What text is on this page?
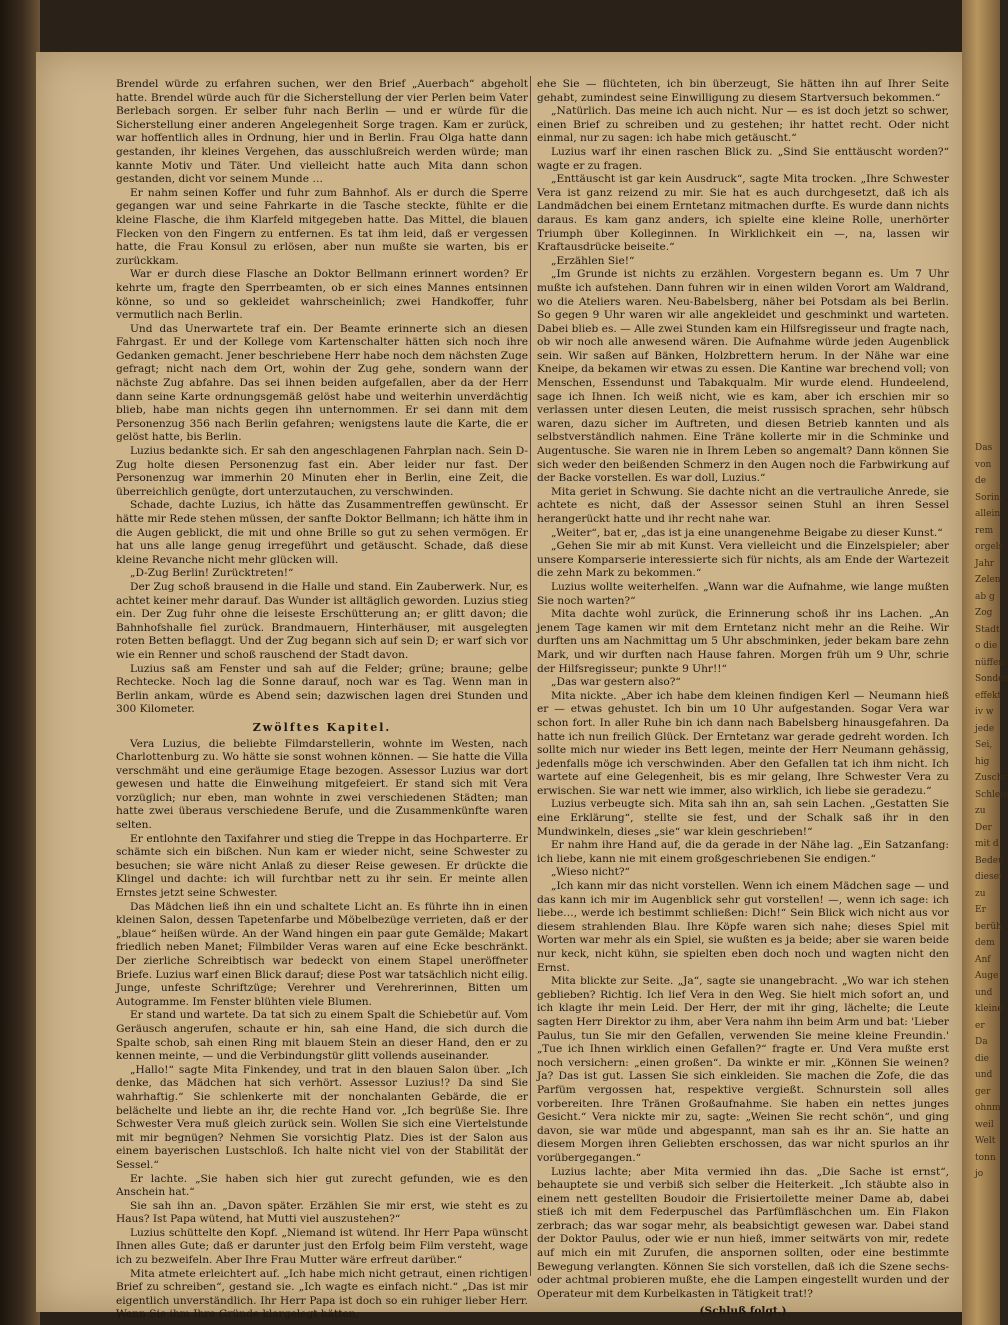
Das
von de
Sorin,
allein
rem
orgels
Jahr
Zelen
ab g
Zog
Stadt
o die
nüffen
Sonder
effekt
iv w
jede
Sei,
hig
Zuschr
Schleie
zu
Der
mit d
Bedeu
dieser
zu
Er
berüh
dem
Anf
Auge
und
kleine
er
Da
die
und
ger
ohnm
weil
Welt
tonn
jo

Brendel würde zu erfahren suchen, wer den Brief „Auerbach“ abgeholt hatte. Brendel würde auch für die Sicherstellung der vier Perlen beim Vater Berlebach sorgen. Er selber fuhr nach Berlin — und er würde für die Sicherstellung einer anderen Angelegenheit Sorge tragen. Kam er zurück, war hoffentlich alles in Ordnung, hier und in Berlin. Frau Olga hatte dann gestanden, ihr kleines Vergehen, das ausschlußreich werden würde; man kannte Motiv und Täter. Und vielleicht hatte auch Mita dann schon gestanden, dicht vor seinem Munde …

Er nahm seinen Koffer und fuhr zum Bahnhof. Als er durch die Sperre gegangen war und seine Fahrkarte in die Tasche steckte, fühlte er die kleine Flasche, die ihm Klarfeld mitgegeben hatte. Das Mittel, die blauen Flecken von den Fingern zu entfernen. Es tat ihm leid, daß er vergessen hatte, die Frau Konsul zu erlösen, aber nun mußte sie warten, bis er zurückkam.

War er durch diese Flasche an Doktor Bellmann erinnert worden? Er kehrte um, fragte den Sperrbeamten, ob er sich eines Mannes entsinnen könne, so und so gekleidet wahrscheinlich; zwei Handkoffer, fuhr vermutlich nach Berlin.

Und das Unerwartete traf ein. Der Beamte erinnerte sich an diesen Fahrgast. Er und der Kollege vom Kartenschalter hätten sich noch ihre Gedanken gemacht. Jener beschriebene Herr habe noch dem nächsten Zuge gefragt; nicht nach dem Ort, wohin der Zug gehe, sondern wann der nächste Zug abfahre. Das sei ihnen beiden aufgefallen, aber da der Herr dann seine Karte ordnungsgemäß gelöst habe und weiterhin unverdächtig blieb, habe man nichts gegen ihn unternommen. Er sei dann mit dem Personenzug 356 nach Berlin gefahren; wenigstens laute die Karte, die er gelöst hatte, bis Berlin.

Luzius bedankte sich. Er sah den angeschlagenen Fahrplan nach. Sein D-Zug holte diesen Personenzug fast ein. Aber leider nur fast. Der Personenzug war immerhin 20 Minuten eher in Berlin, eine Zeit, die überreichlich genügte, dort unterzutauchen, zu verschwinden.

Schade, dachte Luzius, ich hätte das Zusammentreffen gewünscht. Er hätte mir Rede stehen müssen, der sanfte Doktor Bellmann; ich hätte ihm in die Augen geblickt, die mit und ohne Brille so gut zu sehen vermögen. Er hat uns alle lange genug irregeführt und getäuscht. Schade, daß diese kleine Revanche nicht mehr glücken will.

„D-Zug Berlin! Zurücktreten!“

Der Zug schoß brausend in die Halle und stand. Ein Zauberwerk. Nur, es achtet keiner mehr darauf. Das Wunder ist alltäglich geworden. Luzius stieg ein. Der Zug fuhr ohne die leiseste Erschütterung an; er glitt davon; die Bahnhofshalle fiel zurück. Brandmauern, Hinterhäuser, mit ausgelegten roten Betten beflaggt. Und der Zug begann sich auf sein D; er warf sich vor wie ein Renner und schoß rauschend der Stadt davon.

Luzius saß am Fenster und sah auf die Felder; grüne; braune; gelbe Rechtecke. Noch lag die Sonne darauf, noch war es Tag. Wenn man in Berlin ankam, würde es Abend sein; dazwischen lagen drei Stunden und 300 Kilometer.

Zwölftes Kapitel.

Vera Luzius, die beliebte Filmdarstellerin, wohnte im Westen, nach Charlottenburg zu. Wo hätte sie sonst wohnen können. — Sie hatte die Villa verschmäht und eine geräumige Etage bezogen. Assessor Luzius war dort gewesen und hatte die Einweihung mitgefeiert. Er stand sich mit Vera vorzüglich; nur eben, man wohnte in zwei verschiedenen Städten; man hatte zwei überaus verschiedene Berufe, und die Zusammenkünfte waren selten.

Er entlohnte den Taxifahrer und stieg die Treppe in das Hochparterre. Er schämte sich ein bißchen. Nun kam er wieder nicht, seine Schwester zu besuchen; sie wäre nicht Anlaß zu dieser Reise gewesen. Er drückte die Klingel und dachte: ich will furchtbar nett zu ihr sein. Er meinte allen Ernstes jetzt seine Schwester.

Das Mädchen ließ ihn ein und schaltete Licht an. Es führte ihn in einen kleinen Salon, dessen Tapetenfarbe und Möbelbezüge verrieten, daß er der „blaue“ heißen würde. An der Wand hingen ein paar gute Gemälde; Makart friedlich neben Manet; Filmbilder Veras waren auf eine Ecke beschränkt. Der zierliche Schreibtisch war bedeckt von einem Stapel uneröffneter Briefe. Luzius warf einen Blick darauf; diese Post war tatsächlich nicht eilig. Junge, unfeste Schriftzüge; Verehrer und Verehrerinnen, Bitten um Autogramme. Im Fenster blühten viele Blumen.

Er stand und wartete. Da tat sich zu einem Spalt die Schiebetür auf. Vom Geräusch angerufen, schaute er hin, sah eine Hand, die sich durch die Spalte schob, sah einen Ring mit blauem Stein an dieser Hand, den er zu kennen meinte, — und die Verbindungstür glitt vollends auseinander.

„Hallo!“ sagte Mita Finkendey, und trat in den blauen Salon über. „Ich denke, das Mädchen hat sich verhört. Assessor Luzius!? Da sind Sie wahrhaftig.“ Sie schlenkerte mit der nonchalanten Gebärde, die er belächelte und liebte an ihr, die rechte Hand vor. „Ich begrüße Sie. Ihre Schwester Vera muß gleich zurück sein. Wollen Sie sich eine Viertelstunde mit mir begnügen? Nehmen Sie vorsichtig Platz. Dies ist der Salon aus einem bayerischen Lustschloß. Ich halte nicht viel von der Stabilität der Sessel.“

Er lachte. „Sie haben sich hier gut zurecht gefunden, wie es den Anschein hat.“

Sie sah ihn an. „Davon später. Erzählen Sie mir erst, wie steht es zu Haus? Ist Papa wütend, hat Mutti viel auszustehen?“

Luzius schüttelte den Kopf. „Niemand ist wütend. Ihr Herr Papa wünscht Ihnen alles Gute; daß er darunter just den Erfolg beim Film versteht, wage ich zu bezweifeln. Aber Ihre Frau Mutter wäre erfreut darüber.“

Mita atmete erleichtert auf. „Ich habe mich nicht getraut, einen richtigen Brief zu schreiben“, gestand sie. „Ich wagte es einfach nicht.“ „Das ist mir eigentlich unverständlich. Ihr Herr Papa ist doch so ein ruhiger lieber Herr. Wenn Sie ihm Ihre Gründe klargelegt hätten,

ehe Sie — flüchteten, ich bin überzeugt, Sie hätten ihn auf Ihrer Seite gehabt, zumindest seine Einwilligung zu diesem Startversuch bekommen.“

„Natürlich. Das meine ich auch nicht. Nur — es ist doch jetzt so schwer, einen Brief zu schreiben und zu gestehen; ihr hattet recht. Oder nicht einmal, nur zu sagen: ich habe mich getäuscht.“

Luzius warf ihr einen raschen Blick zu. „Sind Sie enttäuscht worden?“ wagte er zu fragen.

„Enttäuscht ist gar kein Ausdruck“, sagte Mita trocken. „Ihre Schwester Vera ist ganz reizend zu mir. Sie hat es auch durchgesetzt, daß ich als Landmädchen bei einem Erntetanz mitmachen durfte. Es wurde dann nichts daraus. Es kam ganz anders, ich spielte eine kleine Rolle, unerhörter Triumph über Kolleginnen. In Wirklichkeit ein —, na, lassen wir Kraftausdrücke beiseite.“

„Erzählen Sie!“

„Im Grunde ist nichts zu erzählen. Vorgestern begann es. Um 7 Uhr mußte ich aufstehen. Dann fuhren wir in einen wilden Vorort am Waldrand, wo die Ateliers waren. Neu-Babelsberg, näher bei Potsdam als bei Berlin. So gegen 9 Uhr waren wir alle angekleidet und geschminkt und warteten. Dabei blieb es. — Alle zwei Stunden kam ein Hilfsregisseur und fragte nach, ob wir noch alle anwesend wären. Die Aufnahme würde jeden Augenblick sein. Wir saßen auf Bänken, Holzbrettern herum. In der Nähe war eine Kneipe, da bekamen wir etwas zu essen. Die Kantine war brechend voll; von Menschen, Essendunst und Tabakqualm. Mir wurde elend. Hundeelend, sage ich Ihnen. Ich weiß nicht, wie es kam, aber ich erschien mir so verlassen unter diesen Leuten, die meist russisch sprachen, sehr hübsch waren, dazu sicher im Auftreten, und diesen Betrieb kannten und als selbstverständlich nahmen. Eine Träne kollerte mir in die Schminke und Augentusche. Sie waren nie in Ihrem Leben so angemalt? Dann können Sie sich weder den beißenden Schmerz in den Augen noch die Farbwirkung auf der Backe vorstellen. Es war doll, Luzius.“

Mita geriet in Schwung. Sie dachte nicht an die vertrauliche Anrede, sie achtete es nicht, daß der Assessor seinen Stuhl an ihren Sessel herangerückt hatte und ihr recht nahe war.

„Weiter“, bat er, „das ist ja eine unangenehme Beigabe zu dieser Kunst.“

„Gehen Sie mir ab mit Kunst. Vera vielleicht und die Einzelspieler; aber unsere Komparserie interessierte sich für nichts, als am Ende der Wartezeit die zehn Mark zu bekommen.“

Luzius wollte weiterhelfen. „Wann war die Aufnahme, wie lange mußten Sie noch warten?“

Mita dachte wohl zurück, die Erinnerung schoß ihr ins Lachen. „An jenem Tage kamen wir mit dem Erntetanz nicht mehr an die Reihe. Wir durften uns am Nachmittag um 5 Uhr abschminken, jeder bekam bare zehn Mark, und wir durften nach Hause fahren. Morgen früh um 9 Uhr, schrie der Hilfsregisseur; punkte 9 Uhr!!“

„Das war gestern also?“

Mita nickte. „Aber ich habe dem kleinen findigen Kerl — Neumann hieß er — etwas gehustet. Ich bin um 10 Uhr aufgestanden. Sogar Vera war schon fort. In aller Ruhe bin ich dann nach Babelsberg hinausgefahren. Da hatte ich nun freilich Glück. Der Erntetanz war gerade gedreht worden. Ich sollte mich nur wieder ins Bett legen, meinte der Herr Neumann gehässig, jedenfalls möge ich verschwinden. Aber den Gefallen tat ich ihm nicht. Ich wartete auf eine Gelegenheit, bis es mir gelang, Ihre Schwester Vera zu erwischen. Sie war nett wie immer, also wirklich, ich liebe sie geradezu.“

Luzius verbeugte sich. Mita sah ihn an, sah sein Lachen. „Gestatten Sie eine Erklärung“, stellte sie fest, und der Schalk saß ihr in den Mundwinkeln, dieses „sie“ war klein geschrieben!“

Er nahm ihre Hand auf, die da gerade in der Nähe lag. „Ein Satzanfang: ich liebe, kann nie mit einem großgeschriebenen Sie endigen.“

„Wieso nicht?“

„Ich kann mir das nicht vorstellen. Wenn ich einem Mädchen sage — und das kann ich mir im Augenblick sehr gut vorstellen! —, wenn ich sage: ich liebe…, werde ich bestimmt schließen: Dich!“ Sein Blick wich nicht aus vor diesem strahlenden Blau. Ihre Köpfe waren sich nahe; dieses Spiel mit Worten war mehr als ein Spiel, sie wußten es ja beide; aber sie waren beide nur keck, nicht kühn, sie spielten eben doch noch und wagten nicht den Ernst.

Mita blickte zur Seite. „Ja“, sagte sie unangebracht. „Wo war ich stehen geblieben? Richtig. Ich lief Vera in den Weg. Sie hielt mich sofort an, und ich klagte ihr mein Leid. Der Herr, der mit ihr ging, lächelte; die Leute sagten Herr Direktor zu ihm, aber Vera nahm ihn beim Arm und bat: 'Lieber Paulus, tun Sie mir den Gefallen, verwenden Sie meine kleine Freundin.' „Tue ich Ihnen wirklich einen Gefallen?“ fragte er. Und Vera mußte erst noch versichern: „einen großen“. Da winkte er mir. „Können Sie weinen? Ja? Das ist gut. Lassen Sie sich einkleiden. Sie machen die Zofe, die das Parfüm vergossen hat, respektive vergießt. Schnurstein soll alles vorbereiten. Ihre Tränen Großaufnahme. Sie haben ein nettes junges Gesicht.“ Vera nickte mir zu, sagte: „Weinen Sie recht schön“, und ging davon, sie war müde und abgespannt, man sah es ihr an. Sie hatte an diesem Morgen ihren Geliebten erschossen, das war nicht spurlos an ihr vorübergegangen.“

Luzius lachte; aber Mita vermied ihn das. „Die Sache ist ernst“, behauptete sie und verbiß sich selber die Heiterkeit. „Ich stäubte also in einem nett gestellten Boudoir die Frisiertoilette meiner Dame ab, dabei stieß ich mit dem Federpuschel das Parfümfläschchen um. Ein Flakon zerbrach; das war sogar mehr, als beabsichtigt gewesen war. Dabei stand der Doktor Paulus, oder wie er nun hieß, immer seitwärts von mir, redete auf mich ein mit Zurufen, die anspornen sollten, oder eine bestimmte Bewegung verlangten. Können Sie sich vorstellen, daß ich die Szene sechs- oder achtmal probieren mußte, ehe die Lampen eingestellt wurden und der Operateur mit dem Kurbelkasten in Tätigkeit trat!?

(Schluß folgt.)
